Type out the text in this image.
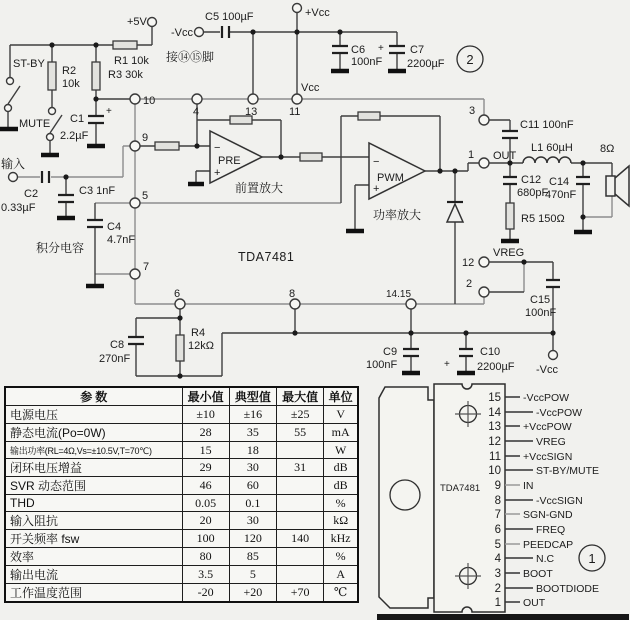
2
ST-BY
MUTE
+5V
R1 10k
R3 30k
R2
10k
+
C1
2.2µF
输入
C2
0.33µF
C3 1nF
C4
4.7nF
积分电容
-Vcc
C5 100µF
接⑭⑮脚
+Vcc
C6
100nF
+ C7
2200µF
Vcc
10
4	13	11
9
5
7
6	8	14.15
3
1
12
2
OUT
VREG
PRE
前置放大
PWM
功率放大
TDA7481
−
+
−
+
C8
270nF
R4
12kΩ	C9
100nF
C10
+ 2200µF
C15
100nF
-Vcc
C11 100nF
L1 60µH
C12
680pF
C14
470nF
R5 150Ω
8Ω
参 数	最小值	典型值	最大值	单位
电源电压	±10	±16	±25	V
静态电流(Po=0W)	28	35	55	mA
输出功率(RL=4Ω,Vs=±10.5V,T=70℃)	15	18		W
闭环电压增益	29	30	31	dB
SVR 动态范围	46	60		dB
THD	0.05	0.1		%
输入阻抗	20	30		kΩ
开关频率 fsw	100	120	140	kHz
效率	80	85		%
输出电流	3.5	5		A
工作温度范围	-20	+20	+70	℃
TDA7481
15 -VccPOW
14	-VccPOW
13 +VccPOW
12	VREG
11 +VccSIGN
10	ST-BY/MUTE
9 IN
8	-VccSIGN
7 SGN-GND
6	FREQ
5 PEEDCAP
4	N.C
3 BOOT
2	BOOTDIODE
1 OUT
1
